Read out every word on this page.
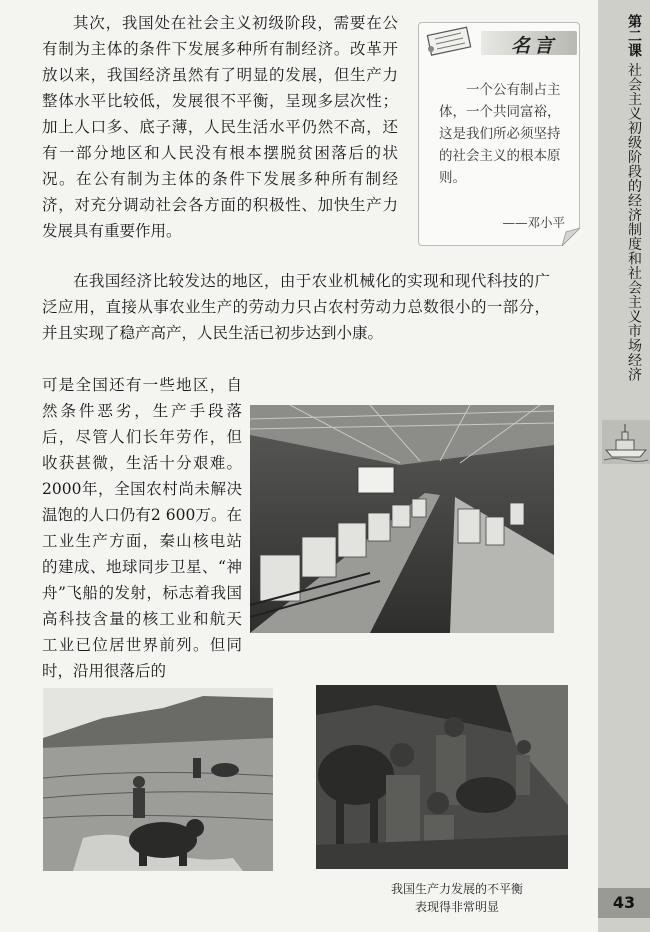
其次，我国处在社会主义初级阶段，需要在公有制为主体的条件下发展多种所有制经济。改革开放以来，我国经济虽然有了明显的发展，但生产力整体水平比较低，发展很不平衡，呈现多层次性；加上人口多、底子薄，人民生活水平仍然不高，还有一部分地区和人民没有根本摆脱贫困落后的状况。在公有制为主体的条件下发展多种所有制经济，对充分调动社会各方面的积极性、加快生产力发展具有重要作用。

在我国经济比较发达的地区，由于农业机械化的实现和现代科技的广泛应用，直接从事农业生产的劳动力只占农村劳动力总数很小的一部分，并且实现了稳产高产，人民生活已初步达到小康。

可是全国还有一些地区，自然条件恶劣，生产手段落后，尽管人们长年劳作，但收获甚微，生活十分艰难。2000年，全国农村尚未解决温饱的人口仍有2 600万。在工业生产方面，秦山核电站的建成、地球同步卫星、“神舟”飞船的发射，标志着我国高科技含量的核工业和航天工业已位居世界前列。但同时，沿用很落后的

名言

一个公有制占主体，一个共同富裕，这是我们所必须坚持的社会主义的根本原则。

——邓小平
第二课 社会主义初级阶段的经济制度和社会主义市场经济
43
我国生产力发展的不平衡
表现得非常明显
